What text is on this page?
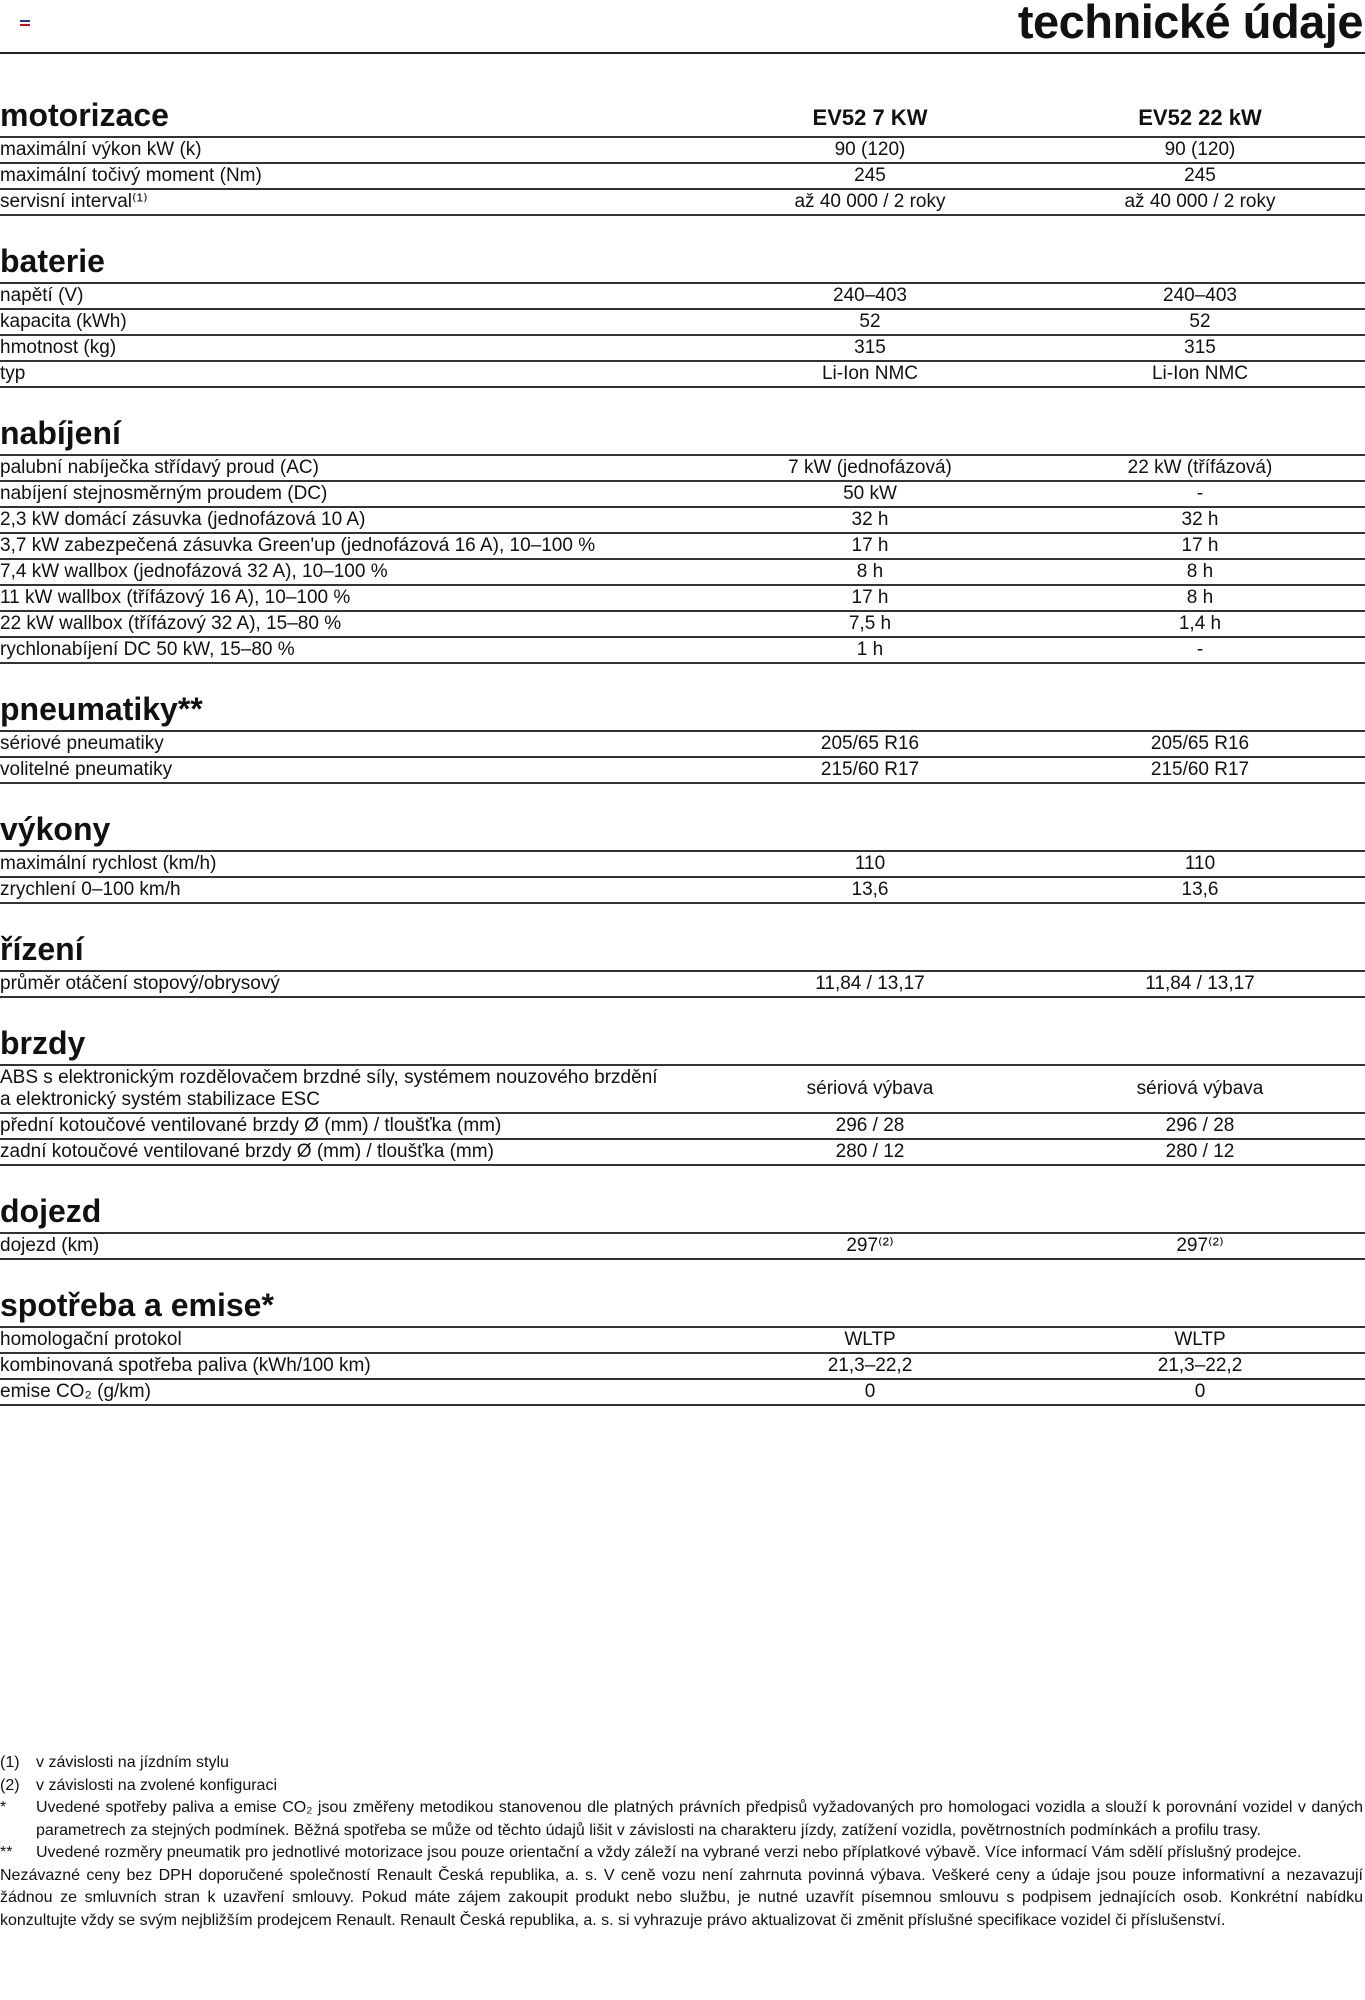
technické údaje
motorizace	EV52 7 KW	EV52 22 kW
maximální výkon kW (k)	90 (120)	90 (120)
maximální točivý moment (Nm)	245	245
servisní interval⁽¹⁾	až 40 000 / 2 roky	až 40 000 / 2 roky
baterie
napětí (V)	240–403	240–403
kapacita (kWh)	52	52
hmotnost (kg)	315	315
typ	Li-Ion NMC	Li-Ion NMC
nabíjení
palubní nabíječka střídavý proud (AC)	7 kW (jednofázová)	22 kW (třífázová)
nabíjení stejnosměrným proudem (DC)	50 kW	-
2,3 kW domácí zásuvka (jednofázová 10 A)	32 h	32 h
3,7 kW zabezpečená zásuvka Green'up (jednofázová 16 A), 10–100 %	17 h	17 h
7,4 kW wallbox (jednofázová 32 A), 10–100 %	8 h	8 h
11 kW wallbox (třífázový 16 A), 10–100 %	17 h	8 h
22 kW wallbox (třífázový 32 A), 15–80 %	7,5 h	1,4 h
rychlonabíjení DC 50 kW, 15–80 %	1 h	-
pneumatiky**
sériové pneumatiky	205/65 R16	205/65 R16
volitelné pneumatiky	215/60 R17	215/60 R17
výkony
maximální rychlost (km/h)	110	110
zrychlení 0–100 km/h	13,6	13,6
řízení
průměr otáčení stopový/obrysový	11,84 / 13,17	11,84 / 13,17
brzdy
ABS s elektronickým rozdělovačem brzdné síly, systémem nouzového brzdění
a elektronický systém stabilizace ESC
sériová výbava	sériová výbava
přední kotoučové ventilované brzdy Ø (mm) / tloušťka (mm)	296 / 28	296 / 28
zadní kotoučové ventilované brzdy Ø (mm) / tloušťka (mm)	280 / 12	280 / 12
dojezd
dojezd (km)	297⁽²⁾	297⁽²⁾
spotřeba a emise*
homologační protokol	WLTP	WLTP
kombinovaná spotřeba paliva (kWh/100 km)	21,3–22,2	21,3–22,2
emise CO₂ (g/km)	0	0
(1)	v závislosti na jízdním stylu
(2)	v závislosti na zvolené konfiguraci
*	Uvedené spotřeby paliva a emise CO₂ jsou změřeny metodikou stanovenou dle platných právních předpisů vyžadovaných pro homologaci vozidla a slouží k porovnání vozidel v daných parametrech za stejných podmínek. Běžná spotřeba se může od těchto údajů lišit v závislosti na charakteru jízdy, zatížení vozidla, povětrnostních podmínkách a profilu trasy.
**	Uvedené rozměry pneumatik pro jednotlivé motorizace jsou pouze orientační a vždy záleží na vybrané verzi nebo příplatkové výbavě. Více informací Vám sdělí příslušný prodejce.
Nezávazné ceny bez DPH doporučené společností Renault Česká republika, a. s. V ceně vozu není zahrnuta povinná výbava. Veškeré ceny a údaje jsou pouze informativní a nezavazují žádnou ze smluvních stran k uzavření smlouvy. Pokud máte zájem zakoupit produkt nebo službu, je nutné uzavřít písemnou smlouvu s podpisem jednajících osob. Konkrétní nabídku konzultujte vždy se svým nejbližším prodejcem Renault. Renault Česká republika, a. s. si vyhrazuje právo aktualizovat či změnit příslušné specifikace vozidel či příslušenství.
